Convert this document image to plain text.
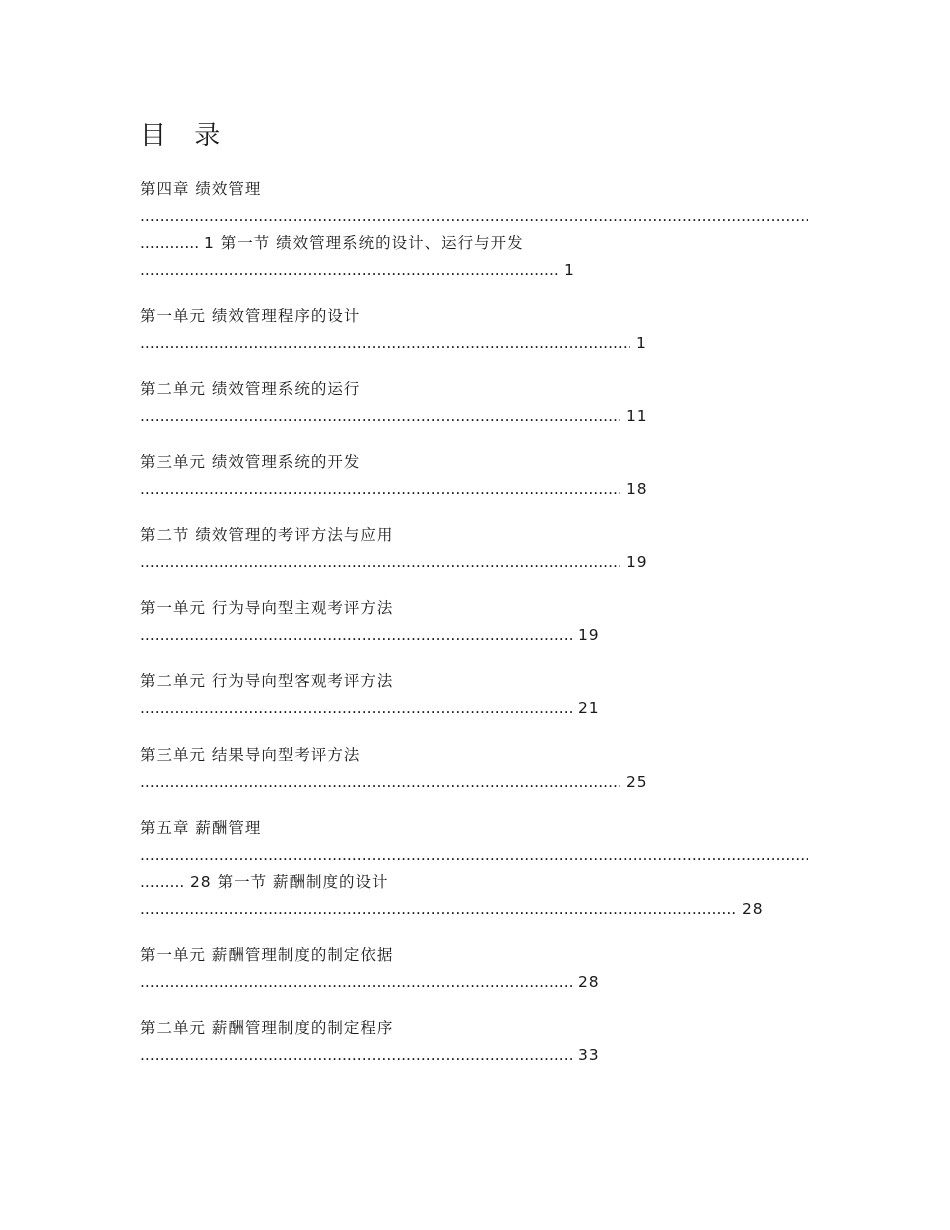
目 录
第四章 绩效管理
.....
..... 1 第一节 绩效管理系统的设计、运行与开发
..... 1
第一单元 绩效管理程序的设计
..... 1
第二单元 绩效管理系统的运行
..... 11
第三单元 绩效管理系统的开发
..... 18
第二节 绩效管理的考评方法与应用
..... 19
第一单元 行为导向型主观考评方法
..... 19
第二单元 行为导向型客观考评方法
..... 21
第三单元 结果导向型考评方法
..... 25
第五章 薪酬管理
.....
..... 28 第一节 薪酬制度的设计
..... 28
第一单元 薪酬管理制度的制定依据
..... 28
第二单元 薪酬管理制度的制定程序
..... 33
